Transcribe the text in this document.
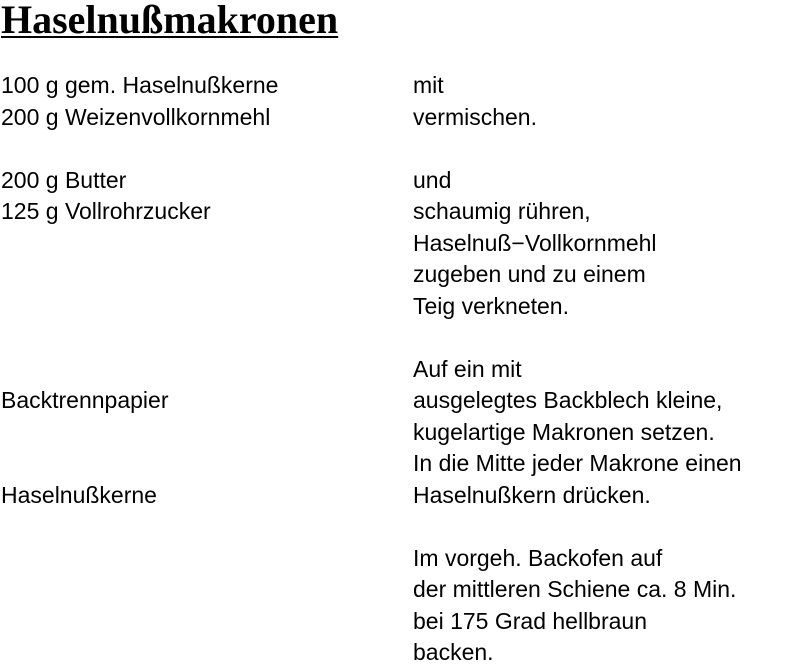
Haselnußmakronen
100 g gem. Haselnußkerne
200 g Weizenvollkornmehl
200 g Butter
125 g Vollrohrzucker
Backtrennpapier
Haselnußkerne
mit
vermischen.
und
schaumig rühren,
Haselnuß−Vollkornmehl
zugeben und zu einem
Teig verkneten.
Auf ein mit
ausgelegtes Backblech kleine,
kugelartige Makronen setzen.
In die Mitte jeder Makrone einen
Haselnußkern drücken.
Im vorgeh. Backofen auf
der mittleren Schiene ca. 8 Min.
bei 175 Grad hellbraun
backen.
